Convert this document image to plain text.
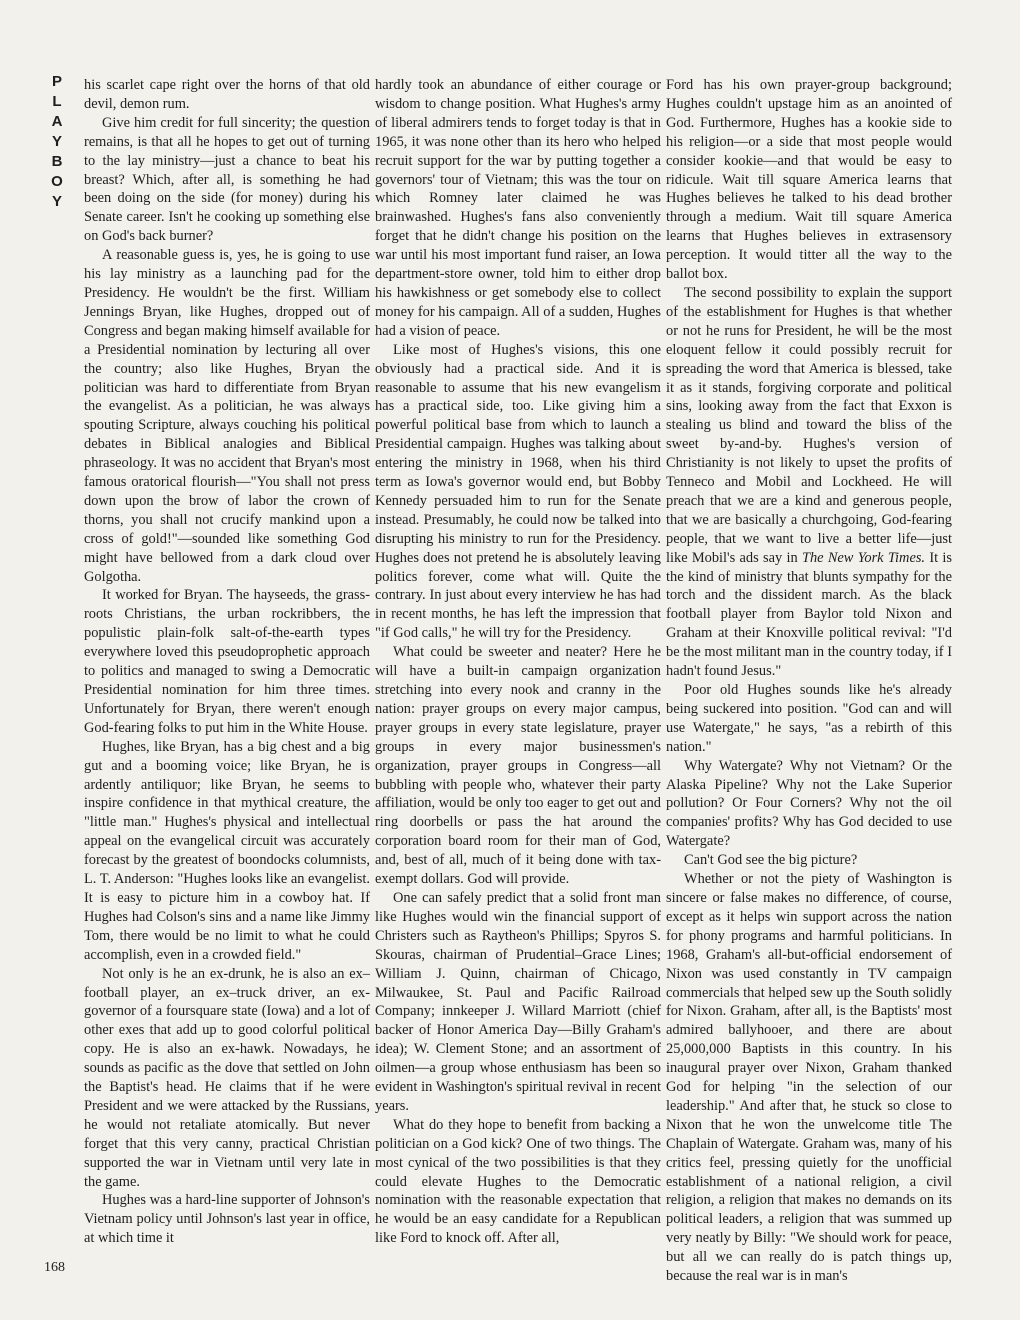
P
L
A
Y
B
O
Y

his scarlet cape right over the horns of that old devil, demon rum.

Give him credit for full sincerity; the question remains, is that all he hopes to get out of turning to the lay ministry—just a chance to beat his breast? Which, after all, is something he had been doing on the side (for money) during his Senate career. Isn't he cooking up something else on God's back burner?

A reasonable guess is, yes, he is going to use his lay ministry as a launching pad for the Presidency. He wouldn't be the first. William Jennings Bryan, like Hughes, dropped out of Congress and began making himself available for a Presidential nomination by lecturing all over the country; also like Hughes, Bryan the politician was hard to differentiate from Bryan the evangelist. As a politician, he was always spouting Scripture, always couching his political debates in Biblical analogies and Biblical phraseology. It was no accident that Bryan's most famous oratorical flourish—"You shall not press down upon the brow of labor the crown of thorns, you shall not crucify mankind upon a cross of gold!"—sounded like something God might have bellowed from a dark cloud over Golgotha.

It worked for Bryan. The hayseeds, the grass-roots Christians, the urban rockribbers, the populistic plain-folk salt-of-the-earth types everywhere loved this pseudoprophetic approach to politics and managed to swing a Democratic Presidential nomination for him three times. Unfortunately for Bryan, there weren't enough God-fearing folks to put him in the White House.

Hughes, like Bryan, has a big chest and a big gut and a booming voice; like Bryan, he is ardently antiliquor; like Bryan, he seems to inspire confidence in that mythical creature, the "little man." Hughes's physical and intellectual appeal on the evangelical circuit was accurately forecast by the greatest of boondocks columnists, L. T. Anderson: "Hughes looks like an evangelist. It is easy to picture him in a cowboy hat. If Hughes had Colson's sins and a name like Jimmy Tom, there would be no limit to what he could accomplish, even in a crowded field."

Not only is he an ex-drunk, he is also an ex–football player, an ex–truck driver, an ex-governor of a foursquare state (Iowa) and a lot of other exes that add up to good colorful political copy. He is also an ex-hawk. Nowadays, he sounds as pacific as the dove that settled on John the Baptist's head. He claims that if he were President and we were attacked by the Russians, he would not retaliate atomically. But never forget that this very canny, practical Christian supported the war in Vietnam until very late in the game.

Hughes was a hard-line supporter of Johnson's Vietnam policy until Johnson's last year in office, at which time it

hardly took an abundance of either courage or wisdom to change position. What Hughes's army of liberal admirers tends to forget today is that in 1965, it was none other than its hero who helped recruit support for the war by putting together a governors' tour of Vietnam; this was the tour on which Romney later claimed he was brainwashed. Hughes's fans also conveniently forget that he didn't change his position on the war until his most important fund raiser, an Iowa department-store owner, told him to either drop his hawkishness or get somebody else to collect money for his campaign. All of a sudden, Hughes had a vision of peace.

Like most of Hughes's visions, this one obviously had a practical side. And it is reasonable to assume that his new evangelism has a practical side, too. Like giving him a powerful political base from which to launch a Presidential campaign. Hughes was talking about entering the ministry in 1968, when his third term as Iowa's governor would end, but Bobby Kennedy persuaded him to run for the Senate instead. Presumably, he could now be talked into disrupting his ministry to run for the Presidency. Hughes does not pretend he is absolutely leaving politics forever, come what will. Quite the contrary. In just about every interview he has had in recent months, he has left the impression that "if God calls," he will try for the Presidency.

What could be sweeter and neater? Here he will have a built-in campaign organization stretching into every nook and cranny in the nation: prayer groups on every major campus, prayer groups in every state legislature, prayer groups in every major businessmen's organization, prayer groups in Congress—all bubbling with people who, whatever their party affiliation, would be only too eager to get out and ring doorbells or pass the hat around the corporation board room for their man of God, and, best of all, much of it being done with tax-exempt dollars. God will provide.

One can safely predict that a solid front man like Hughes would win the financial support of Christers such as Raytheon's Phillips; Spyros S. Skouras, chairman of Prudential–Grace Lines; William J. Quinn, chairman of Chicago, Milwaukee, St. Paul and Pacific Railroad Company; innkeeper J. Willard Marriott (chief backer of Honor America Day—Billy Graham's idea); W. Clement Stone; and an assortment of oilmen—a group whose enthusiasm has been so evident in Washington's spiritual revival in recent years.

What do they hope to benefit from backing a politician on a God kick? One of two things. The most cynical of the two possibilities is that they could elevate Hughes to the Democratic nomination with the reasonable expectation that he would be an easy candidate for a Republican like Ford to knock off. After all,

Ford has his own prayer-group background; Hughes couldn't upstage him as an anointed of God. Furthermore, Hughes has a kookie side to his religion—or a side that most people would consider kookie—and that would be easy to ridicule. Wait till square America learns that Hughes believes he talked to his dead brother through a medium. Wait till square America learns that Hughes believes in extrasensory perception. It would titter all the way to the ballot box.

The second possibility to explain the support of the establishment for Hughes is that whether or not he runs for President, he will be the most eloquent fellow it could possibly recruit for spreading the word that America is blessed, take it as it stands, forgiving corporate and political sins, looking away from the fact that Exxon is stealing us blind and toward the bliss of the sweet by-and-by. Hughes's version of Christianity is not likely to upset the profits of Tenneco and Mobil and Lockheed. He will preach that we are a kind and generous people, that we are basically a churchgoing, God-fearing people, that we want to live a better life—just like Mobil's ads say in The New York Times. It is the kind of ministry that blunts sympathy for the torch and the dissident march. As the black football player from Baylor told Nixon and Graham at their Knoxville political revival: "I'd be the most militant man in the country today, if I hadn't found Jesus."

Poor old Hughes sounds like he's already being suckered into position. "God can and will use Watergate," he says, "as a rebirth of this nation."

Why Watergate? Why not Vietnam? Or the Alaska Pipeline? Why not the Lake Superior pollution? Or Four Corners? Why not the oil companies' profits? Why has God decided to use Watergate?

Can't God see the big picture?

Whether or not the piety of Washington is sincere or false makes no difference, of course, except as it helps win support across the nation for phony programs and harmful politicians. In 1968, Graham's all-but-official endorsement of Nixon was used constantly in TV campaign commercials that helped sew up the South solidly for Nixon. Graham, after all, is the Baptists' most admired ballyhooer, and there are about 25,000,000 Baptists in this country. In his inaugural prayer over Nixon, Graham thanked God for helping "in the selection of our leadership." And after that, he stuck so close to Nixon that he won the unwelcome title The Chaplain of Watergate. Graham was, many of his critics feel, pressing quietly for the unofficial establishment of a national religion, a civil religion, a religion that makes no demands on its political leaders, a religion that was summed up very neatly by Billy: "We should work for peace, but all we can really do is patch things up, because the real war is in man's

168
